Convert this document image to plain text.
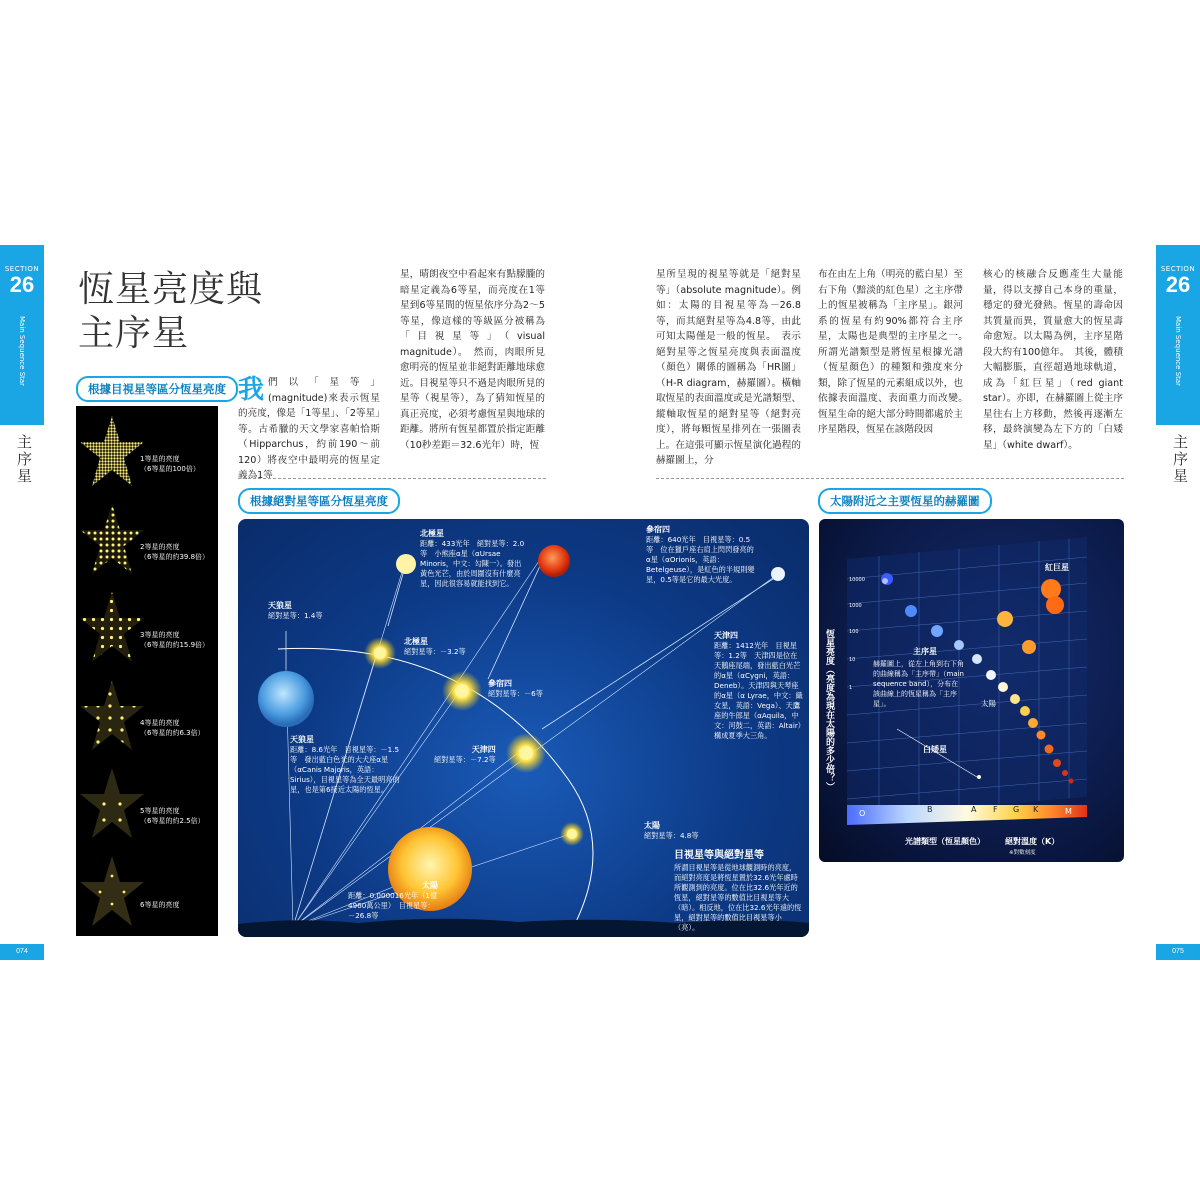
SECTION
26
Main Sequence Star
主序星
074
SECTION
26
Main Sequence Star
主序星
075
恆星亮度與
主序星
根據目視星等區分恆星亮度
根據絕對星等區分恆星亮度	太陽附近之主要恆星的赫羅圖
我 們以「星等」(magnitude)來表示恆星的亮度，像是「1等星」、「2等星」等。古希臘的天文學家喜帕恰斯（Hipparchus，約前190～前120）將夜空中最明亮的恆星定義為1等
星，晴朗夜空中看起來有點朦朧的暗星定義為6等星，而亮度在1等星到6等星間的恆星依序分為2～5等星，像這樣的等級區分被稱為「目視星等」（visual magnitude）。　然而，肉眼所見愈明亮的恆星並非絕對距離地球愈近。目視星等只不過是肉眼所見的星等（視星等），為了猜知恆星的真正亮度，必須考慮恆星與地球的距離。將所有恆星都置於指定距離（10秒差距＝32.6光年）時，恆
星所呈現的視星等就是「絕對星等」（absolute magnitude）。例如：太陽的目視星等為－26.8等，而其絕對星等為4.8等，由此可知太陽僅是一般的恆星。　表示絕對星等之恆星亮度與表面溫度（顏色）關係的圖稱為「HR圖」（H-R diagram，赫羅圖）。橫軸取恆星的表面溫度或是光譜類型、縱軸取恆星的絕對星等（絕對亮度），將每顆恆星排列在一張圖表上。在這張可顯示恆星演化過程的赫羅圖上，分
布在由左上角（明亮的藍白星）至右下角（黯淡的紅色星）之主序帶上的恆星被稱為「主序星」。銀河系的恆星有約90%都符合主序星，太陽也是典型的主序星之一。　所謂光譜類型是將恆星根據光譜（恆星顏色）的種類和強度來分類，除了恆星的元素組成以外，也依據表面溫度、表面重力而改變。　恆星生命的絕大部分時間都處於主序星階段，恆星在該階段因
核心的核融合反應產生大量能量，得以支撐自己本身的重量，穩定的發光發熱。恆星的壽命因其質量而異，質量愈大的恆星壽命愈短。以太陽為例，主序星階段大約有100億年。　其後，體積大幅膨脹，直徑超過地球軌道，成為「紅巨星」（red giant star）。亦即，在赫羅圖上從主序星往右上方移動，然後再逐漸左移，最終演變為左下方的「白矮星」（white dwarf）。
1等星的亮度
（6等星的100倍）
2等星的亮度
（6等星的約39.8倍）
3等星的亮度
（6等星的約15.9倍）
4等星的亮度
（6等星的約6.3倍）
5等星的亮度
（6等星的約2.5倍）
6等星的亮度
天狼星
絕對星等：1.4等
北極星
絕對星等：－3.2等
參宿四
絕對星等：－6等
天津四
絕對星等：－7.2等
太陽
絕對星等：4.8等
北極星
距離：433光年　絕對星等：2.0等　小熊座α星（αUrsae Minoris，中文：勾陳一）。發出黃色光芒，由於周圍沒有什麼亮星，因此很容易就能找到它。
參宿四
距離：640光年　目視星等：0.5等　位在獵戶座右肩上閃閃發亮的α星（αOrionis，英語：Betelgeuse），是紅色的半規則變星，0.5等是它的最大光度。
天津四
距離：1412光年　目視星等：1.2等　天津四是位在天鵝座尾端，發出藍白光芒的α星（αCygni，英語：Deneb）。天津四與天琴座的α星（α Lyrae，中文：織女星，英語：Vega）、天鷹座的牛郎星（αAquila，中文：河鼓二，英語：Altair）構成夏季大三角。
天狼星
距離：8.6光年　目視星等：－1.5等　發出藍白色光的大犬座α星（αCanis Majoris，英語：Sirius），目視星等為全天最明亮的星，也是第6接近太陽的恆星。
太陽
距離：0.000016光年（1億4960萬公里）　目視星等：－26.8等
目視星等與絕對星等
所謂目視星等是從地球觀測時的亮度，而絕對亮度是將恆星置於32.6光年處時所觀測到的亮度。位在比32.6光年近的恆星，絕對星等的數值比目視星等大（暗）。相反地，位在比32.6光年遠的恆星，絕對星等的數值比目視星等小（亮）。
恆星亮度（亮度為現在太陽的多少倍？）
10000
1000
100
10
1
紅巨星
主序星
赫羅圖上，從左上角到右下角的曲線稱為「主序帶」（main sequence band），分布在該曲線上的恆星稱為「主序星」。	太陽
白矮星
O	B	A F G K	M
光譜類型（恆星顏色）	絕對溫度（K）
※對數刻度
